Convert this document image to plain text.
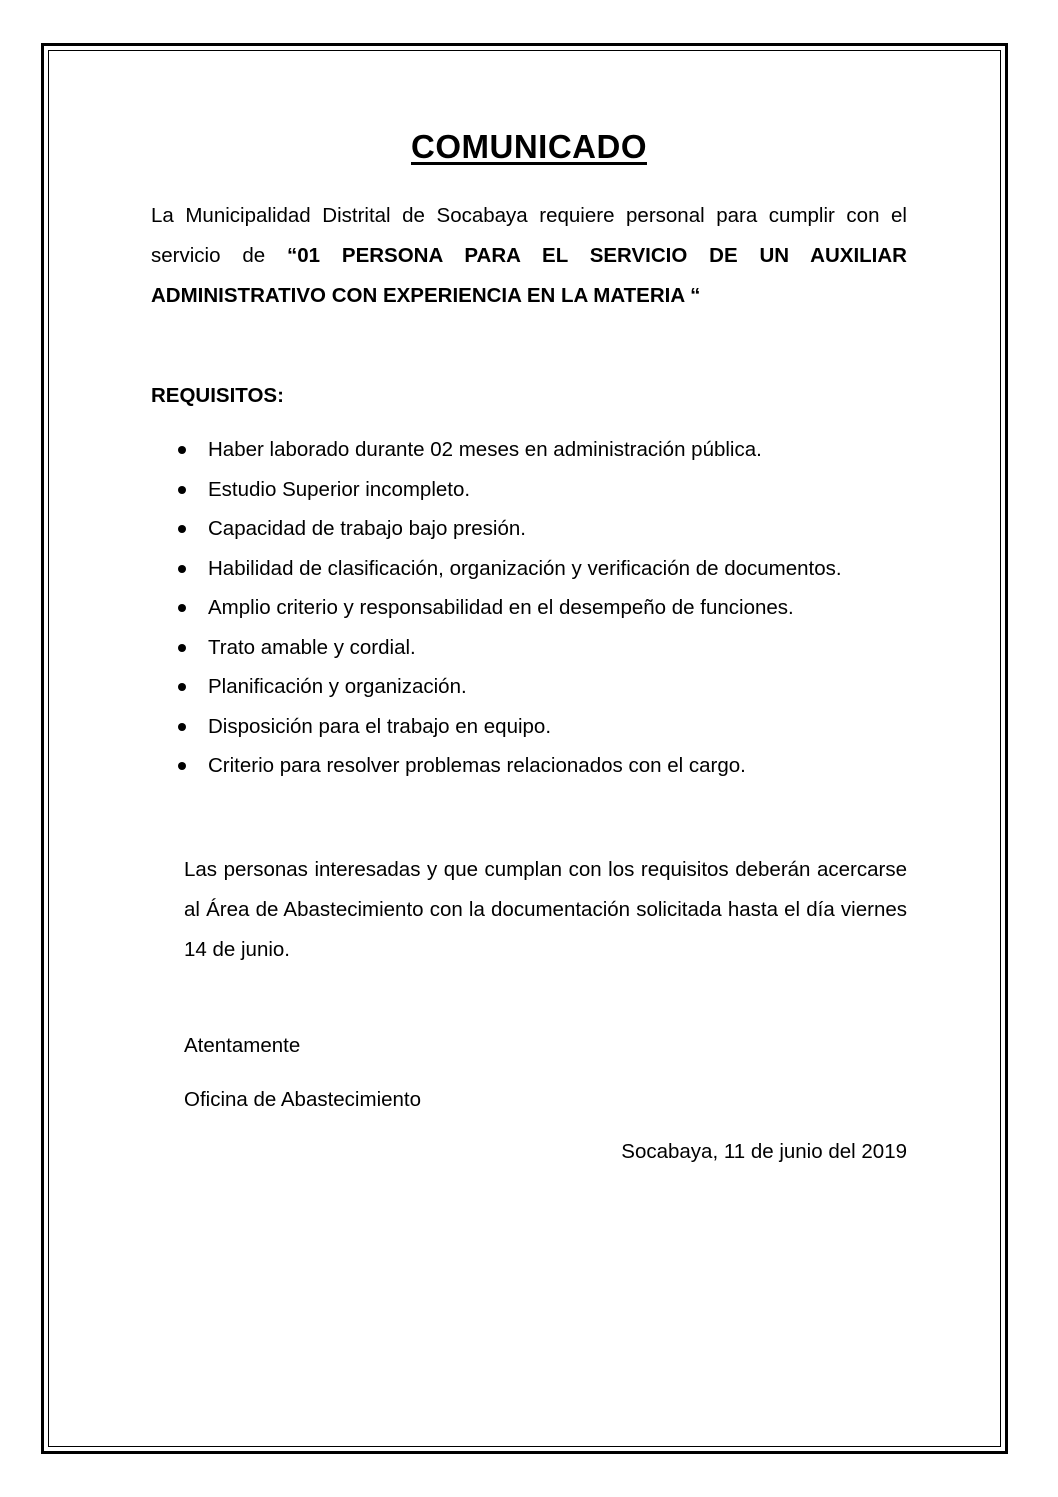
COMUNICADO
La Municipalidad Distrital de Socabaya requiere personal para cumplir con el servicio de “01 PERSONA PARA EL SERVICIO DE UN AUXILIAR ADMINISTRATIVO CON EXPERIENCIA EN LA MATERIA “
REQUISITOS:
Haber laborado durante 02 meses en administración pública.
Estudio Superior incompleto.
Capacidad de trabajo bajo presión.
Habilidad de clasificación, organización y verificación de documentos.
Amplio criterio y responsabilidad en el desempeño de funciones.
Trato amable y cordial.
Planificación y organización.
Disposición para el trabajo en equipo.
Criterio para resolver problemas relacionados con el cargo.
Las personas interesadas y que cumplan con los requisitos deberán acercarse al Área de Abastecimiento con la documentación solicitada hasta el día viernes 14 de junio.
Atentamente
Oficina de Abastecimiento
Socabaya, 11 de junio del 2019
